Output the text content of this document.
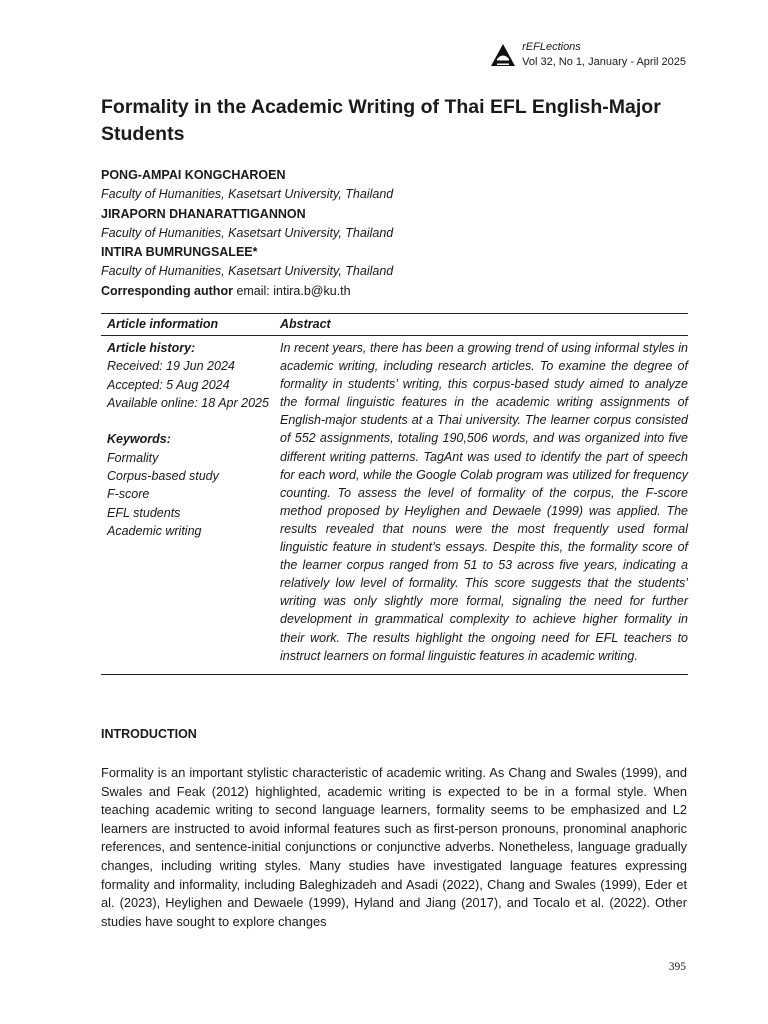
rEFLections
Vol 32, No 1, January - April 2025
Formality in the Academic Writing of Thai EFL English-Major Students
PONG-AMPAI KONGCHAROEN
Faculty of Humanities, Kasetsart University, Thailand
JIRAPORN DHANARATTIGANNON
Faculty of Humanities, Kasetsart University, Thailand
INTIRA BUMRUNGSALEE*
Faculty of Humanities, Kasetsart University, Thailand
Corresponding author email: intira.b@ku.th
Article information	Abstract
Article history:
Received: 19 Jun 2024
Accepted: 5 Aug 2024
Available online: 18 Apr 2025
Keywords:
Formality
Corpus-based study
F-score
EFL students
Academic writing

In recent years, there has been a growing trend of using informal styles in academic writing, including research articles. To examine the degree of formality in students’ writing, this corpus-based study aimed to analyze the formal linguistic features in the academic writing assignments of English-major students at a Thai university. The learner corpus consisted of 552 assignments, totaling 190,506 words, and was organized into five different writing patterns. TagAnt was used to identify the part of speech for each word, while the Google Colab program was utilized for frequency counting. To assess the level of formality of the corpus, the F-score method proposed by Heylighen and Dewaele (1999) was applied. The results revealed that nouns were the most frequently used formal linguistic feature in student’s essays. Despite this, the formality score of the learner corpus ranged from 51 to 53 across five years, indicating a relatively low level of formality. This score suggests that the students’ writing was only slightly more formal, signaling the need for further development in grammatical complexity to achieve higher formality in their work. The results highlight the ongoing need for EFL teachers to instruct learners on formal linguistic features in academic writing.

INTRODUCTION

Formality is an important stylistic characteristic of academic writing. As Chang and Swales (1999), and Swales and Feak (2012) highlighted, academic writing is expected to be in a formal style. When teaching academic writing to second language learners, formality seems to be emphasized and L2 learners are instructed to avoid informal features such as first-person pronouns, pronominal anaphoric references, and sentence-initial conjunctions or conjunctive adverbs. Nonetheless, language gradually changes, including writing styles. Many studies have investigated language features expressing formality and informality, including Baleghizadeh and Asadi (2022), Chang and Swales (1999), Eder et al. (2023), Heylighen and Dewaele (1999), Hyland and Jiang (2017), and Tocalo et al. (2022). Other studies have sought to explore changes

395
